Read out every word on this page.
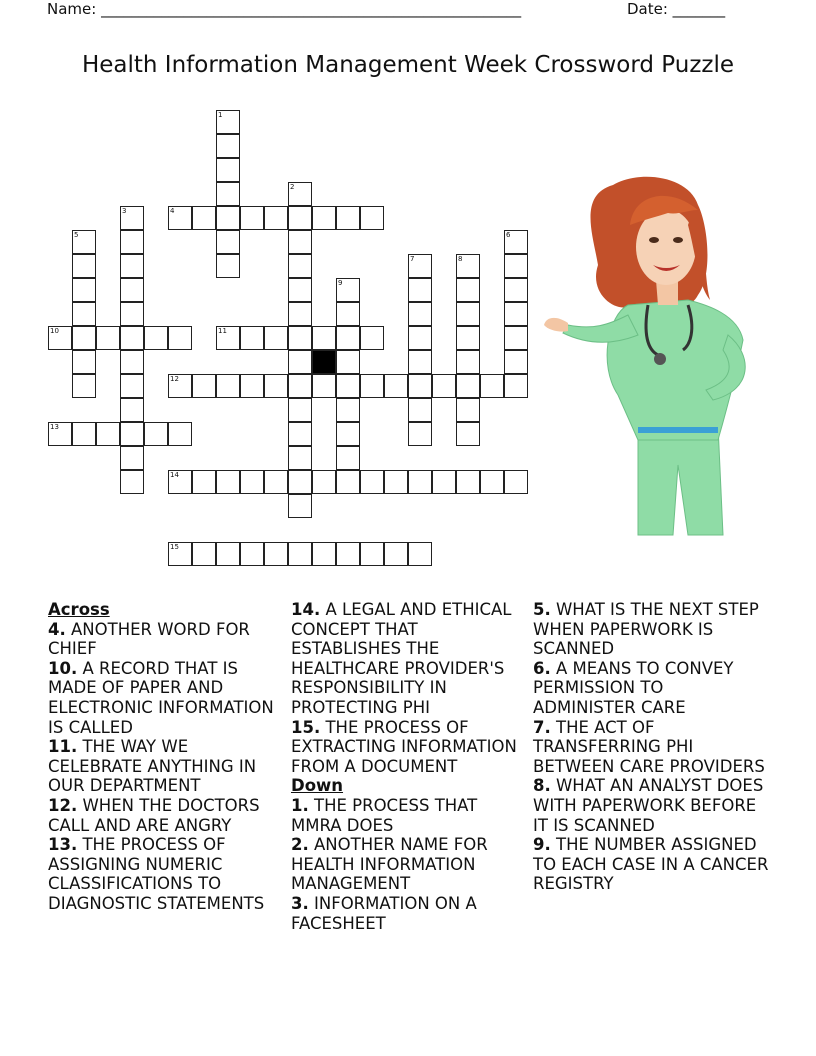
Name: ________________________________________________________	Date: _______
Health Information Management Week Crossword Puzzle
1
2
3	4
5	6
7	8
9
10	11
12
13
14
15
Across
4. ANOTHER WORD FOR CHIEF
10. A RECORD THAT IS MADE OF PAPER AND ELECTRONIC INFORMATION IS CALLED
11. THE WAY WE CELEBRATE ANYTHING IN OUR DEPARTMENT
12. WHEN THE DOCTORS CALL AND ARE ANGRY
13. THE PROCESS OF ASSIGNING NUMERIC CLASSIFICATIONS TO DIAGNOSTIC STATEMENTS
14. A LEGAL AND ETHICAL CONCEPT THAT ESTABLISHES THE HEALTHCARE PROVIDER'S RESPONSIBILITY IN PROTECTING PHI
15. THE PROCESS OF EXTRACTING INFORMATION FROM A DOCUMENT
Down
1. THE PROCESS THAT MMRA DOES
2. ANOTHER NAME FOR HEALTH INFORMATION MANAGEMENT
3. INFORMATION ON A FACESHEET
5. WHAT IS THE NEXT STEP WHEN PAPERWORK IS SCANNED
6. A MEANS TO CONVEY PERMISSION TO ADMINISTER CARE
7. THE ACT OF TRANSFERRING PHI BETWEEN CARE PROVIDERS
8. WHAT AN ANALYST DOES WITH PAPERWORK BEFORE IT IS SCANNED
9. THE NUMBER ASSIGNED TO EACH CASE IN A CANCER REGISTRY
